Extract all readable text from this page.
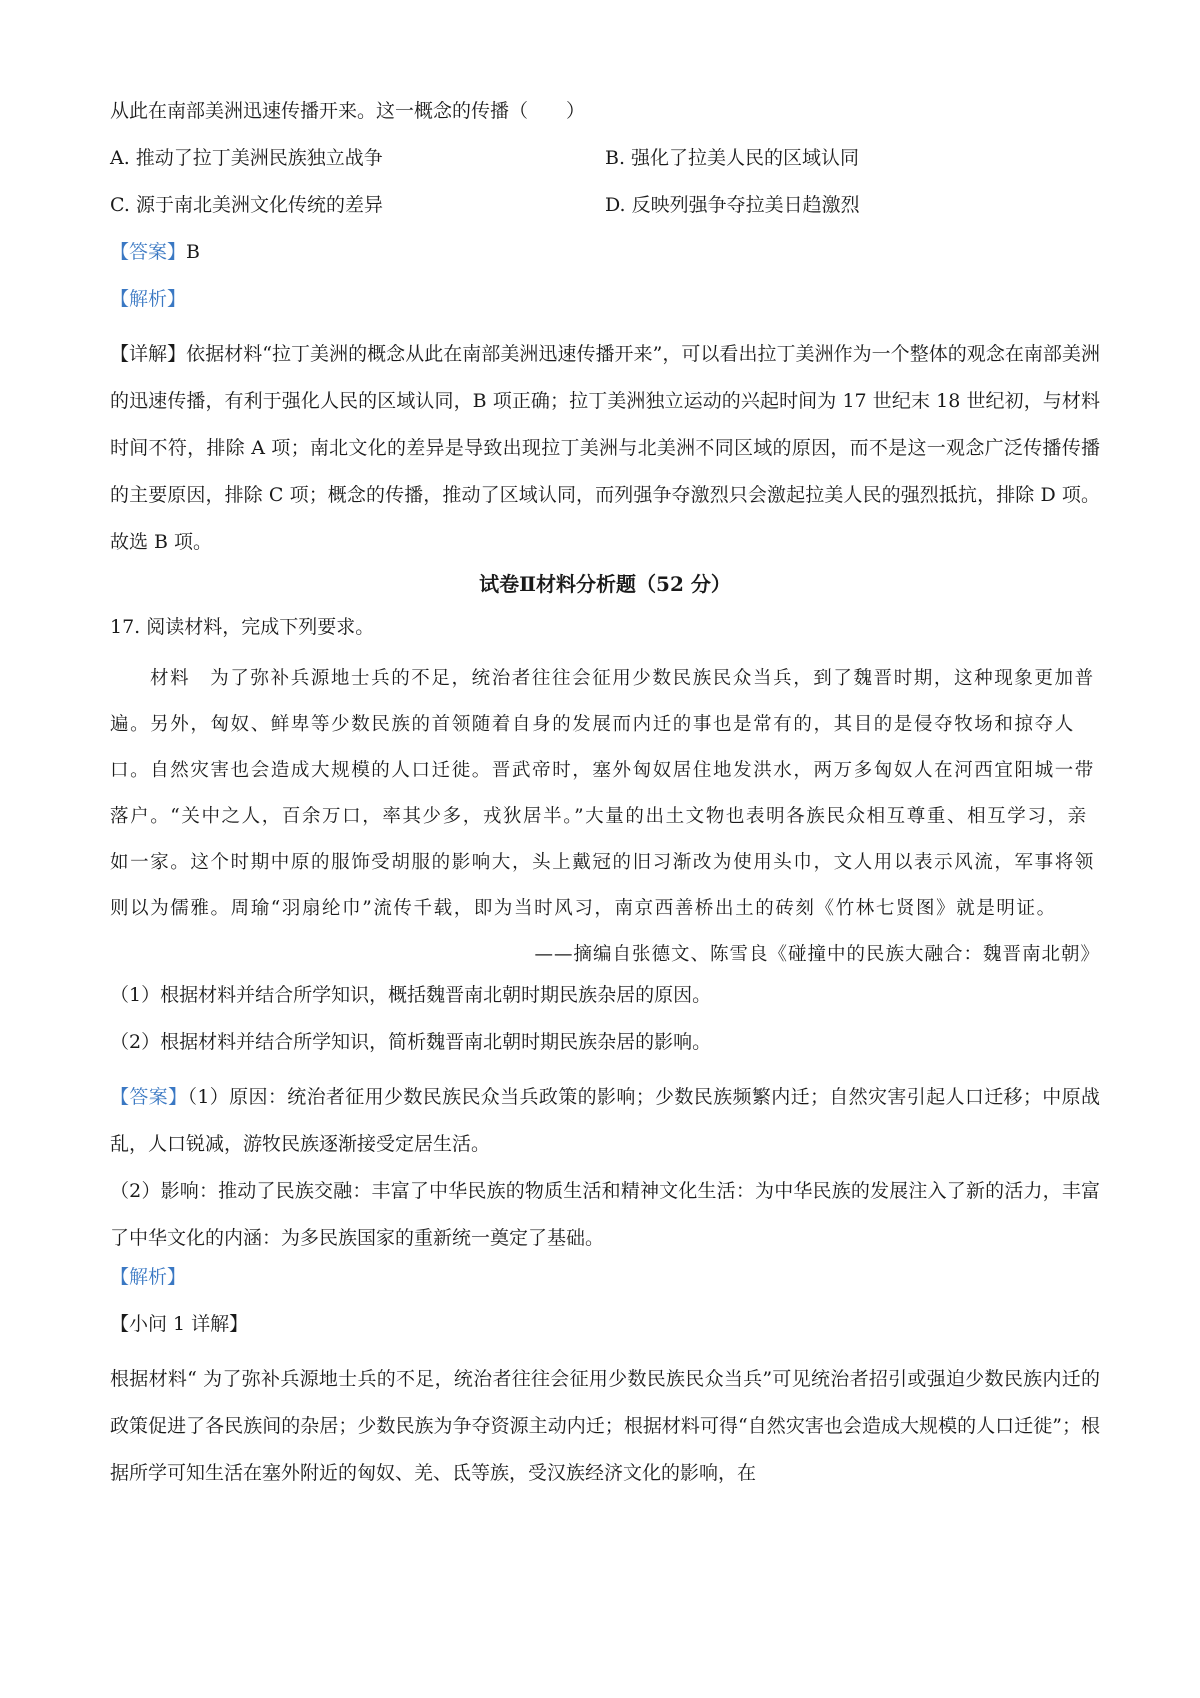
从此在南部美洲迅速传播开来。这一概念的传播（　　）
A. 推动了拉丁美洲民族独立战争	B. 强化了拉美人民的区域认同
C. 源于南北美洲文化传统的差异	D. 反映列强争夺拉美日趋激烈
【答案】B
【解析】
【详解】依据材料“拉丁美洲的概念从此在南部美洲迅速传播开来”，可以看出拉丁美洲作为一个整体的观念在南部美洲的迅速传播，有利于强化人民的区域认同，B 项正确；拉丁美洲独立运动的兴起时间为 17 世纪末 18 世纪初，与材料时间不符，排除 A 项；南北文化的差异是导致出现拉丁美洲与北美洲不同区域的原因，而不是这一观念广泛传播传播的主要原因，排除 C 项；概念的传播，推动了区域认同，而列强争夺激烈只会激起拉美人民的强烈抵抗，排除 D 项。故选 B 项。
试卷Ⅱ材料分析题（52 分）
17. 阅读材料，完成下列要求。
材料　为了弥补兵源地士兵的不足，统治者往往会征用少数民族民众当兵，到了魏晋时期，这种现象更加普遍。另外，匈奴、鲜卑等少数民族的首领随着自身的发展而内迁的事也是常有的，其目的是侵夺牧场和掠夺人口。自然灾害也会造成大规模的人口迁徙。晋武帝时，塞外匈奴居住地发洪水，两万多匈奴人在河西宜阳城一带落户。“关中之人，百余万口，率其少多，戎狄居半。”大量的出土文物也表明各族民众相互尊重、相互学习，亲如一家。这个时期中原的服饰受胡服的影响大，头上戴冠的旧习渐改为使用头巾，文人用以表示风流，军事将领则以为儒雅。周瑜“羽扇纶巾”流传千载，即为当时风习，南京西善桥出土的砖刻《竹林七贤图》就是明证。
——摘编自张德文、陈雪良《碰撞中的民族大融合：魏晋南北朝》
（1）根据材料并结合所学知识，概括魏晋南北朝时期民族杂居的原因。
（2）根据材料并结合所学知识，简析魏晋南北朝时期民族杂居的影响。
【答案】（1）原因：统治者征用少数民族民众当兵政策的影响；少数民族频繁内迁；自然灾害引起人口迁移；中原战乱，人口锐减，游牧民族逐渐接受定居生活。
（2）影响：推动了民族交融：丰富了中华民族的物质生活和精神文化生活：为中华民族的发展注入了新的活力，丰富了中华文化的内涵：为多民族国家的重新统一奠定了基础。
【解析】
【小问 1 详解】
根据材料“ 为了弥补兵源地士兵的不足，统治者往往会征用少数民族民众当兵”可见统治者招引或强迫少数民族内迁的政策促进了各民族间的杂居；少数民族为争夺资源主动内迁；根据材料可得“自然灾害也会造成大规模的人口迁徙”；根据所学可知生活在塞外附近的匈奴、羌、氐等族，受汉族经济文化的影响，在
